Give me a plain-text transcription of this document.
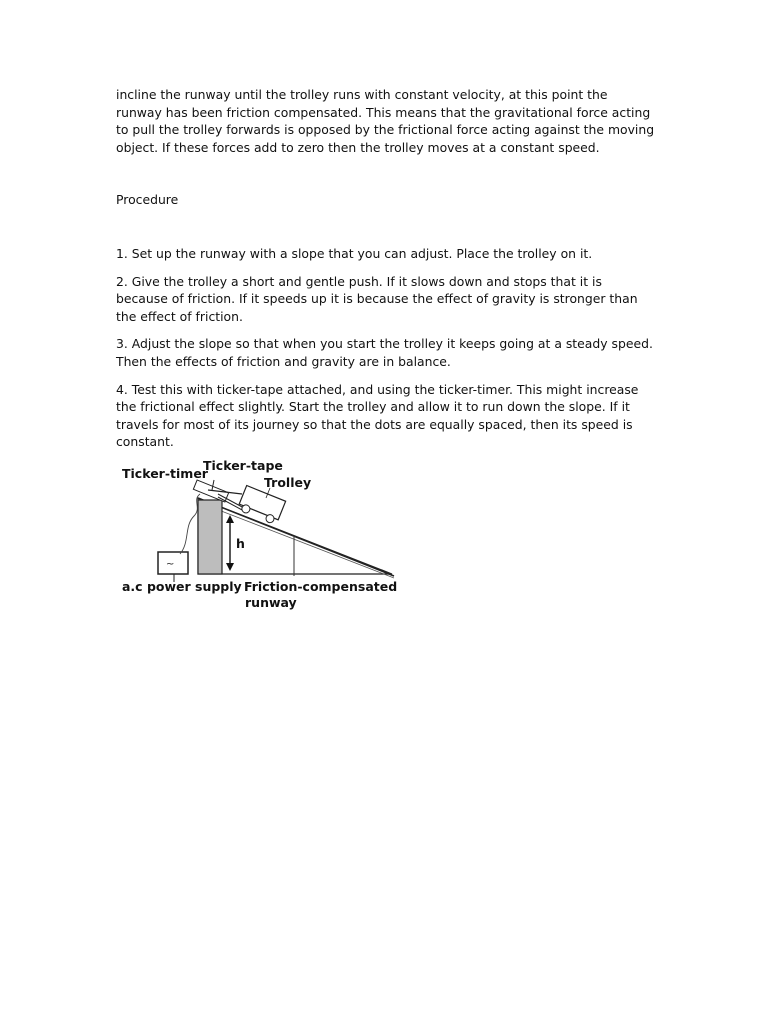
incline the runway until the trolley runs with constant velocity, at this point the runway has been friction compensated. This means that the gravitational force acting to pull the trolley forwards is opposed by the frictional force acting against the moving object. If these forces add to zero then the trolley moves at a constant speed.

Procedure

1. Set up the runway with a slope that you can adjust. Place the trolley on it.

2. Give the trolley a short and gentle push. If it slows down and stops that it is because of friction. If it speeds up it is because the effect of gravity is stronger than the effect of friction.

3. Adjust the slope so that when you start the trolley it keeps going at a steady speed. Then the effects of friction and gravity are in balance.

4. Test this with ticker-tape attached, and using the ticker-timer. This might increase the frictional effect slightly. Start the trolley and allow it to run down the slope. If it travels for most of its journey so that the dots are equally spaced, then its speed is constant.

h
~
Ticker-timer
Ticker-tape
Trolley
a.c power supply Friction-compensated
runway
